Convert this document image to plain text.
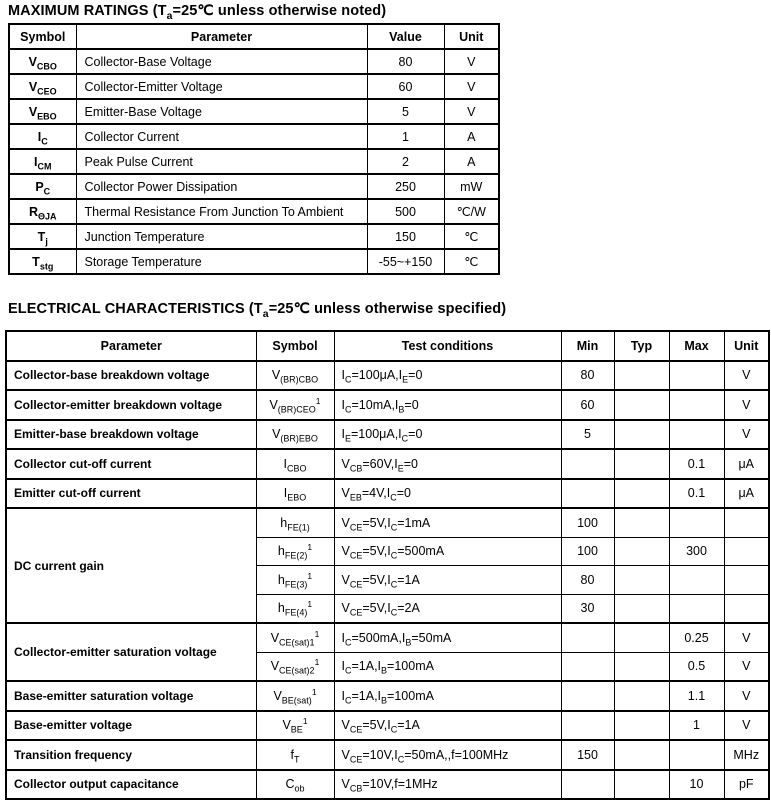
MAXIMUM RATINGS ($T_a=25℃$ unless otherwise noted)
Symbol	Parameter	Value	Unit
$V_{CBO}$	Collector-Base Voltage	80	V
$V_{CEO}$	Collector-Emitter Voltage	60	V
$V_{EBO}$	Emitter-Base Voltage	5	V
$I_C$	Collector Current	1	A
$I_{CM}$	Peak Pulse Current	2	A
$P_C$	Collector Power Dissipation	250	mW
$R_{\Theta JA}$	Thermal Resistance From Junction To Ambient	500	℃/W
$T_j$	Junction Temperature	150	℃
$T_{stg}$	Storage Temperature	-55~+150	℃
ELECTRICAL CHARACTERISTICS ($T_a=25℃$ unless otherwise specified)
Parameter	Symbol	Test conditions	Min	Typ	Max	Unit
Collector-base breakdown voltage	$V_{(BR)CBO}$	$I_C=100\mu A,I_E=0$	80			V
Collector-emitter breakdown voltage	$V_{(BR)CEO}^1$	$I_C=10mA,I_B=0$	60			V
Emitter-base breakdown voltage	$V_{(BR)EBO}$	$I_E=100\mu A,I_C=0$	5			V
Collector cut-off current	$I_{CBO}$	$V_{CB}=60V,I_E=0$			0.1	μA
Emitter cut-off current	$I_{EBO}$	$V_{EB}=4V,I_C=0$			0.1	μA
DC current gain	$h_{FE(1)}$	$V_{CE}=5V,I_C=1mA$	100			
	$h_{FE(2)}^1$	$V_{CE}=5V,I_C=500mA$	100		300	
	$h_{FE(3)}^1$	$V_{CE}=5V,I_C=1A$	80			
	$h_{FE(4)}^1$	$V_{CE}=5V,I_C=2A$	30			
Collector-emitter saturation voltage	$V_{CE(sat)1}^1$	$I_C=500mA,I_B=50mA$			0.25	V
	$V_{CE(sat)2}^1$	$I_C=1A,I_B=100mA$			0.5	V
Base-emitter saturation voltage	$V_{BE(sat)}^1$	$I_C=1A,I_B=100mA$			1.1	V
Base-emitter voltage	$V_{BE}^1$	$V_{CE}=5V,I_C=1A$			1	V
Transition frequency	$f_T$	$V_{CE}=10V,I_C=50mA,,f=100MHz$	150			MHz
Collector output capacitance	$C_{ob}$	$V_{CB}=10V,f=1MHz$			10	pF
